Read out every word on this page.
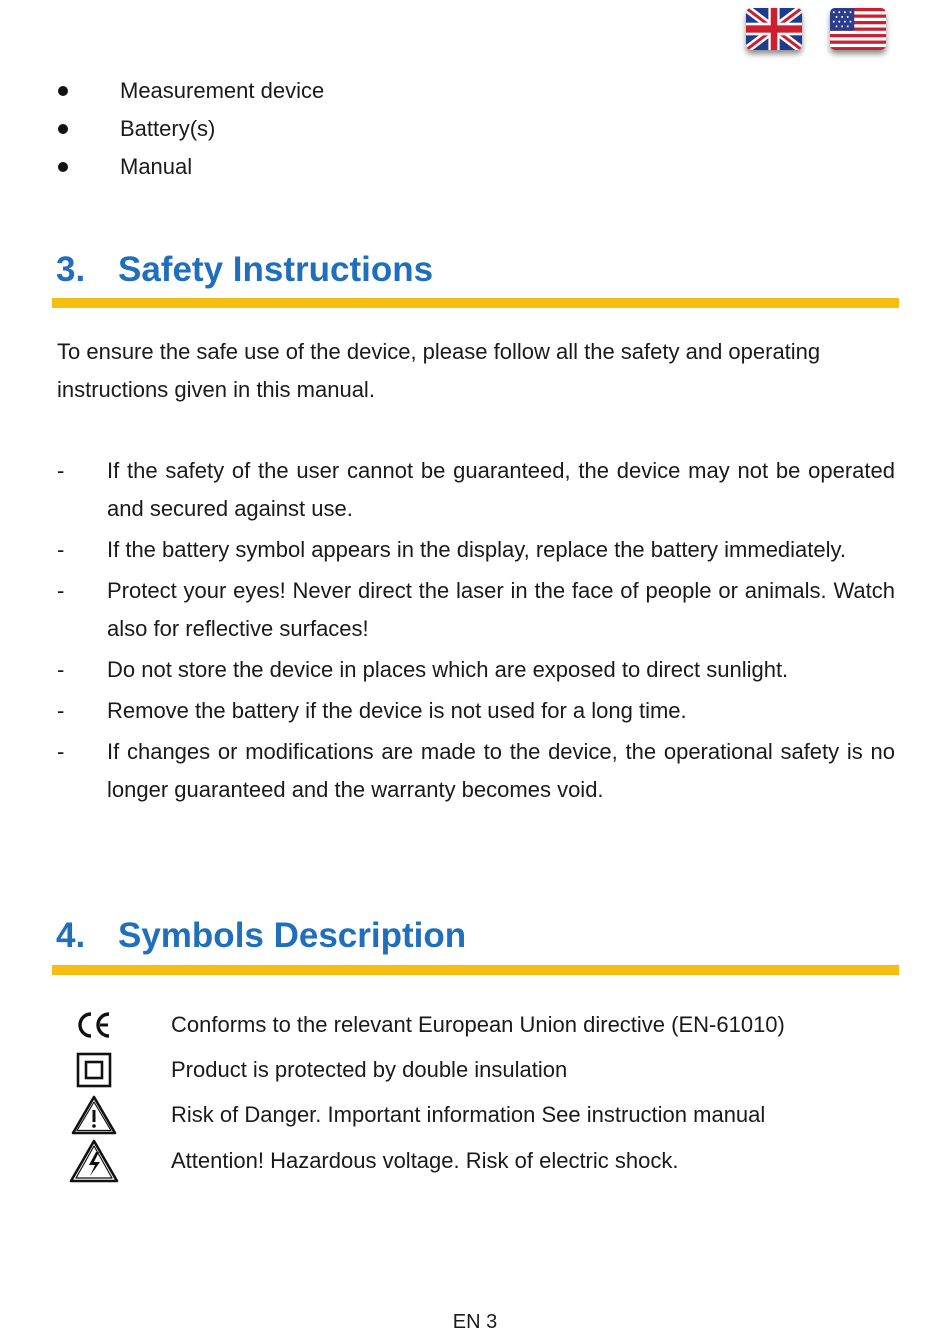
Measurement device
Battery(s)
Manual
3. Safety Instructions

To ensure the safe use of the device, please follow all the safety and operating instructions given in this manual.

- If the safety of the user cannot be guaranteed, the device may not be operated and secured against use.
- If the battery symbol appears in the display, replace the battery immediately.
- Protect your eyes! Never direct the laser in the face of people or animals. Watch also for reflective surfaces!
- Do not store the device in places which are exposed to direct sunlight.
- Remove the battery if the device is not used for a long time.
- If changes or modifications are made to the device, the operational safety is no longer guaranteed and the warranty becomes void.
4. Symbols Description
Conforms to the relevant European Union directive (EN-61010)
Product is protected by double insulation
Risk of Danger. Important information See instruction manual
Attention! Hazardous voltage. Risk of electric shock.
EN 3
